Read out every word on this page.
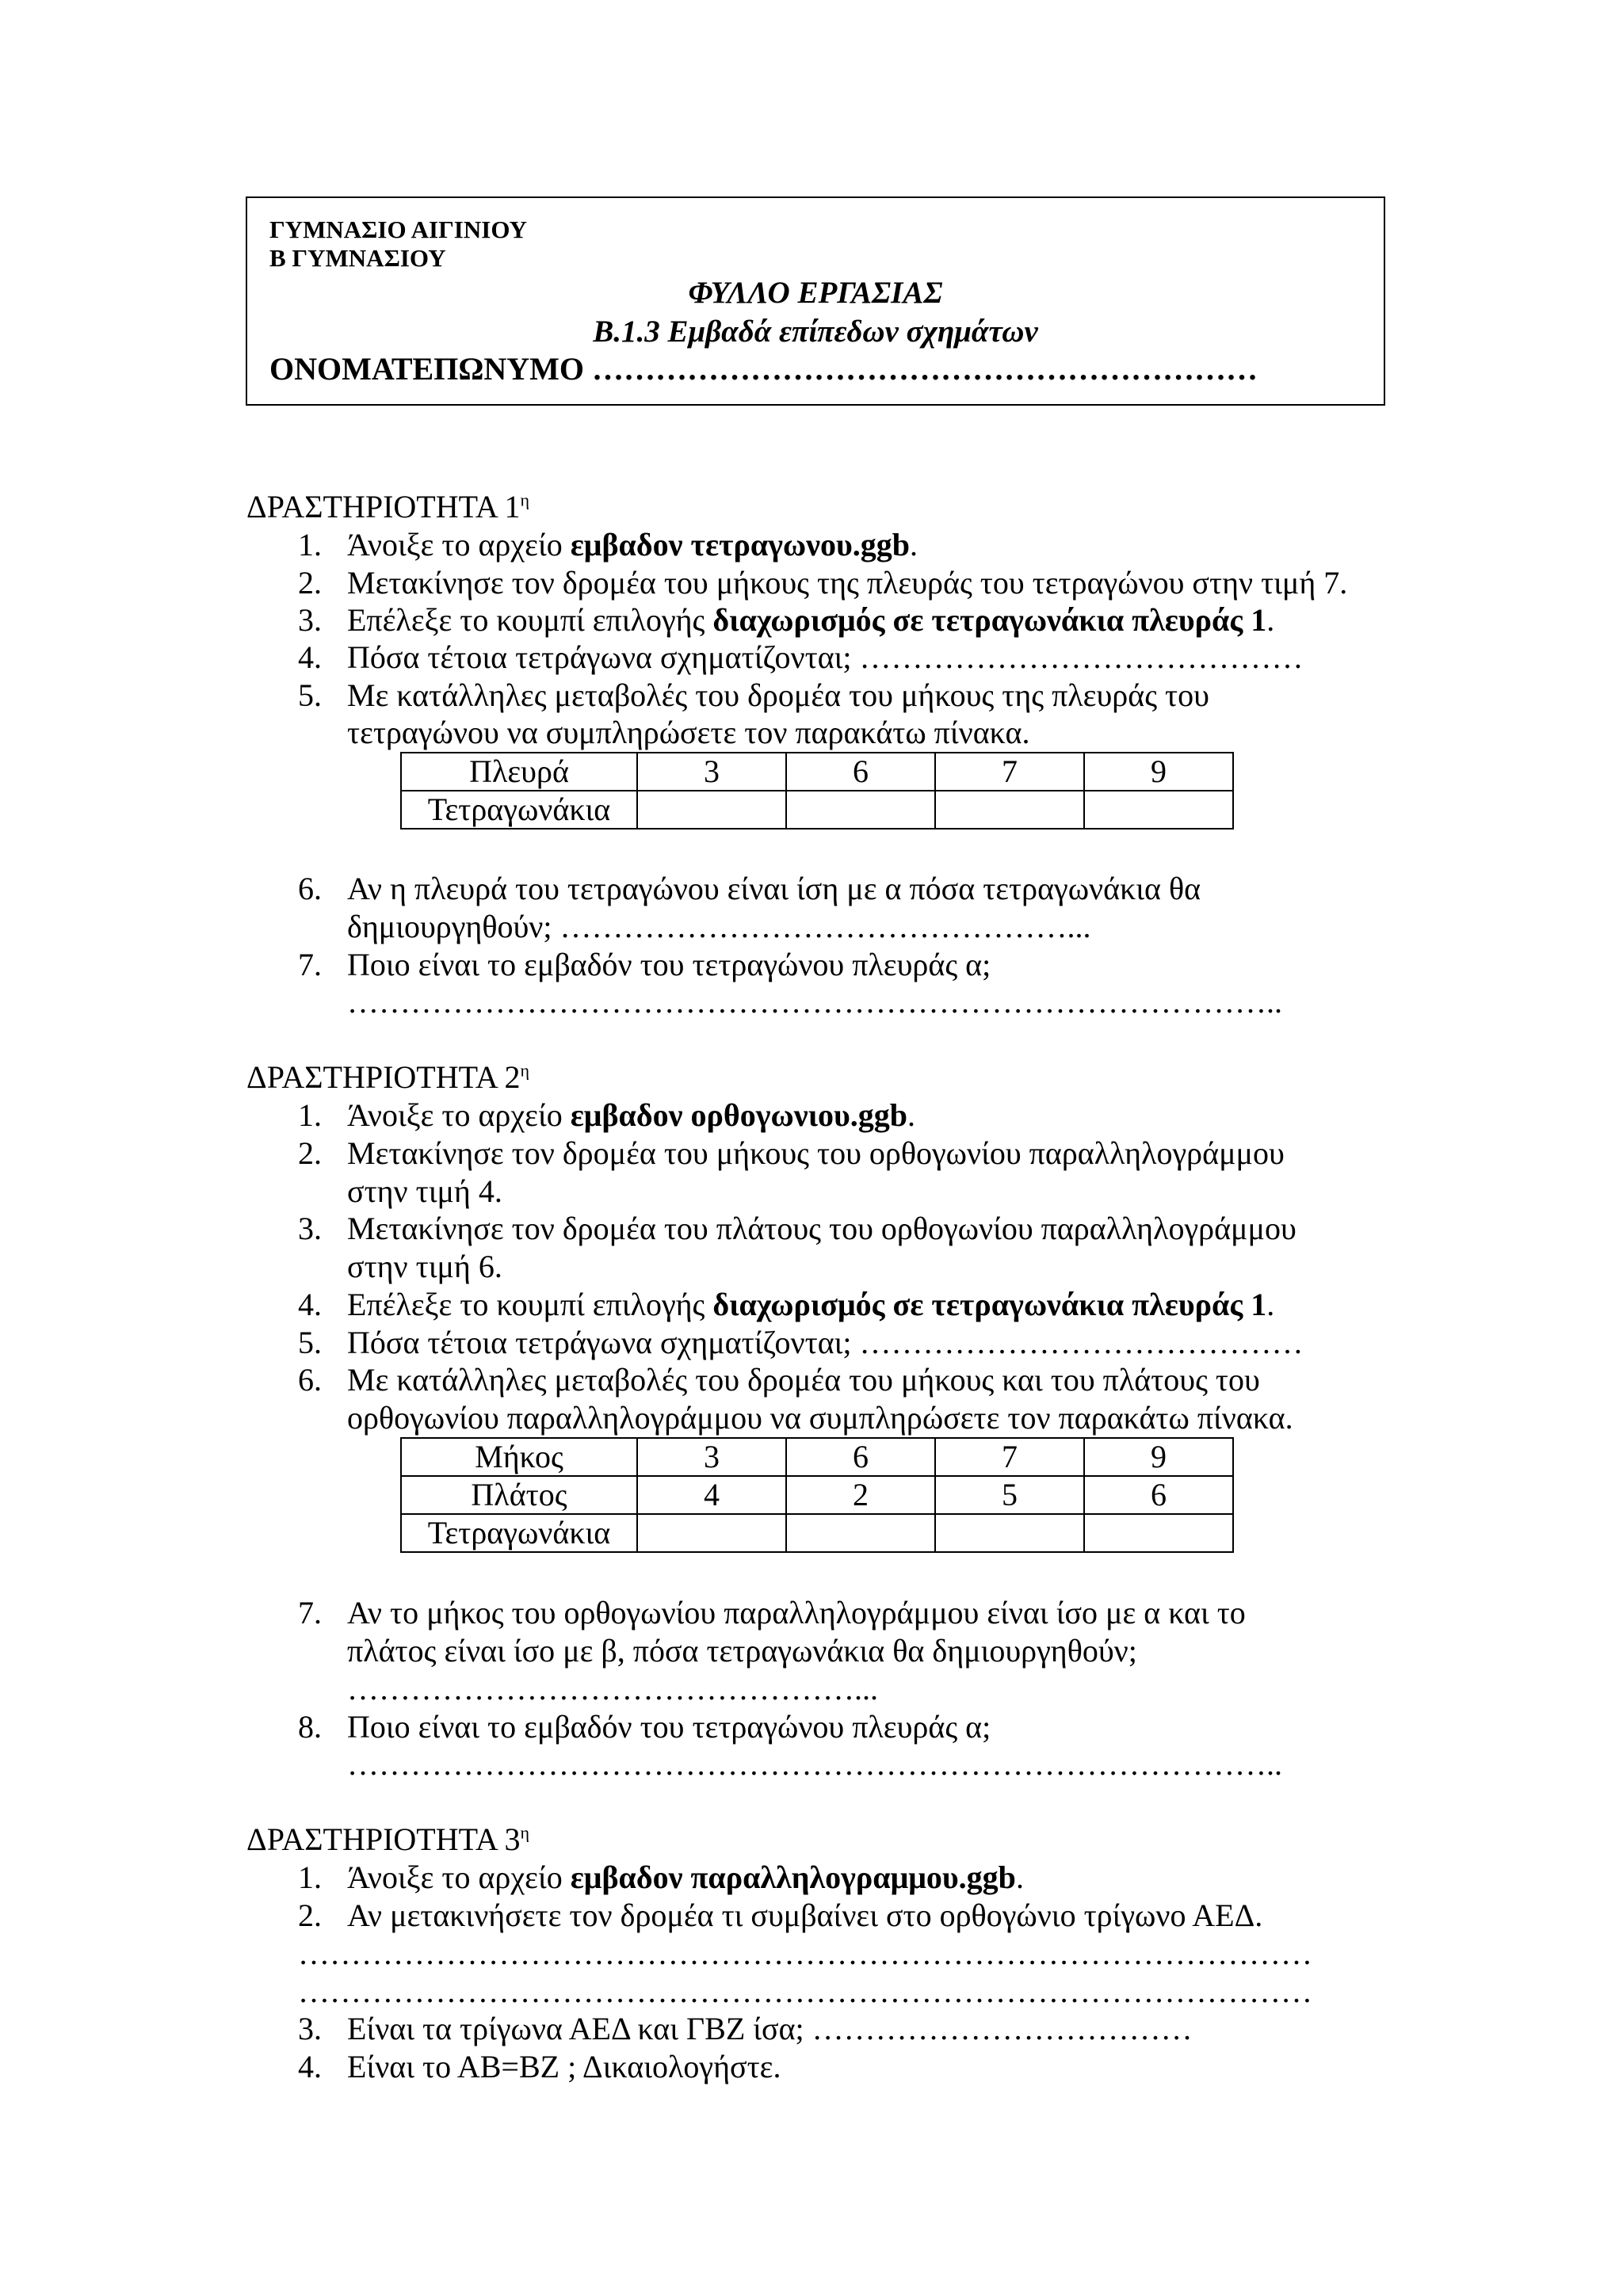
ΓΥΜΝΑΣΙΟ ΑΙΓΙΝΙΟΥ
Β ΓΥΜΝΑΣΙΟΥ
ΦΥΛΛΟ ΕΡΓΑΣΙΑΣ
Β.1.3 Εμβαδά επίπεδων σχημάτων
ΟΝΟΜΑΤΕΠΩΝΥΜΟ ………………………………………………………
ΔΡΑΣΤΗΡΙΟΤΗΤΑ $1^\eta$
1. Άνοιξε το αρχείο εμβαδον τετραγωνου.ggb.
2. Μετακίνησε τον δρομέα του μήκους της πλευράς του τετραγώνου στην τιμή 7.
3. Επέλεξε το κουμπί επιλογής διαχωρισμός σε τετραγωνάκια πλευράς 1.
4. Πόσα τέτοια τετράγωνα σχηματίζονται; ……………………………………
5. Με κατάλληλες μεταβολές του δρομέα του μήκους της πλευράς του
τετραγώνου να συμπληρώσετε τον παρακάτω πίνακα.
Πλευρά	3	6	7	9
Τετραγωνάκια				
6. Αν η πλευρά του τετραγώνου είναι ίση με α πόσα τετραγωνάκια θα
δημιουργηθούν; …………………………………………...
7. Ποιο είναι το εμβαδόν του τετραγώνου πλευράς α;
……………………………………………………………………………..
ΔΡΑΣΤΗΡΙΟΤΗΤΑ $2^\eta$
1. Άνοιξε το αρχείο εμβαδον ορθογωνιου.ggb.
2. Μετακίνησε τον δρομέα του μήκους του ορθογωνίου παραλληλογράμμου
στην τιμή 4.
3. Μετακίνησε τον δρομέα του πλάτους του ορθογωνίου παραλληλογράμμου
στην τιμή 6.
4. Επέλεξε το κουμπί επιλογής διαχωρισμός σε τετραγωνάκια πλευράς 1.
5. Πόσα τέτοια τετράγωνα σχηματίζονται; ……………………………………
6. Με κατάλληλες μεταβολές του δρομέα του μήκους και του πλάτους του
ορθογωνίου παραλληλογράμμου να συμπληρώσετε τον παρακάτω πίνακα.
Μήκος	3	6	7	9
Πλάτος	4	2	5	6
Τετραγωνάκια				
7. Αν το μήκος του ορθογωνίου παραλληλογράμμου είναι ίσο με α και το
πλάτος είναι ίσο με β, πόσα τετραγωνάκια θα δημιουργηθούν;
…………………………………………...
8. Ποιο είναι το εμβαδόν του τετραγώνου πλευράς α;
……………………………………………………………………………..
ΔΡΑΣΤΗΡΙΟΤΗΤΑ $3^\eta$
1. Άνοιξε το αρχείο εμβαδον παραλληλογραμμου.ggb.
2. Αν μετακινήσετε τον δρομέα τι συμβαίνει στο ορθογώνιο τρίγωνο ΑΕΔ.
……………………………………………………………………………………
……………………………………………………………………………………
3. Είναι τα τρίγωνα ΑΕΔ και ΓΒΖ ίσα; ………………………………
4. Είναι το ΑΒ=ΒΖ ; Δικαιολογήστε.
